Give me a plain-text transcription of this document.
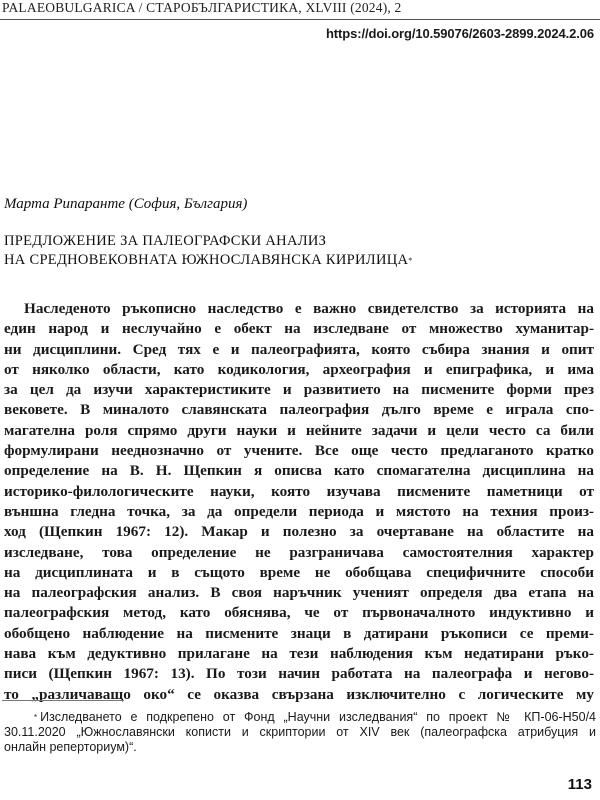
PALAEOBULGARICA / СТАРОБЪЛГАРИСТИКА, XLVIII (2024), 2
https://doi.org/10.59076/2603-2899.2024.2.06
Марта Рипаранте (София, България)
ПРЕДЛОЖЕНИЕ ЗА ПАЛЕОГРАФСКИ АНАЛИЗ
НА СРЕДНОВЕКОВНАТА ЮЖНОСЛАВЯНСКА КИРИЛИЦА*
Наследеното ръкописно наследство е важно свидетелство за историята на
един народ и неслучайно е обект на изследване от множество хуманитар-
ни дисциплини. Сред тях е и палеографията, която събира знания и опит
от няколко области, като кодикология, археография и епиграфика, и има
за цел да изучи характеристиките и развитието на писмените форми през
вековете. В миналото славянската палеография дълго време е играла спо-
магателна роля спрямо други науки и нейните задачи и цели често са били
формулирани нееднозначно от учените. Все още често предлаганото кратко
определение на В. Н. Щепкин я описва като спомагателна дисциплина на
историко-филологическите науки, която изучава писмените паметници от
външна гледна точка, за да определи периода и мястото на техния произ-
ход (Щепкин 1967: 12). Макар и полезно за очертаване на областите на
изследване, това определение не разграничава самостоятелния характер
на дисциплината и в същото време не обобщава специфичните способи
на палеографския анализ. В своя наръчник ученият определя два етапа на
палеографския метод, като обяснява, че от първоначалното индуктивно и
обобщено наблюдение на писмените знаци в датирани ръкописи се преми-
нава към дедуктивно прилагане на тези наблюдения към недатирани ръко-
писи (Щепкин 1967: 13). По този начин работата на палеографа и негово-
то „различаващо око“ се оказва свързана изключително с логическите му
* Изследването е подкрепено от Фонд „Научни изследвания“ по проект № КП-06-Н50/4
30.11.2020 „Южнославянски кописти и скриптории от XIV век (палеографска атрибуция и
онлайн реперториум)“.
113
